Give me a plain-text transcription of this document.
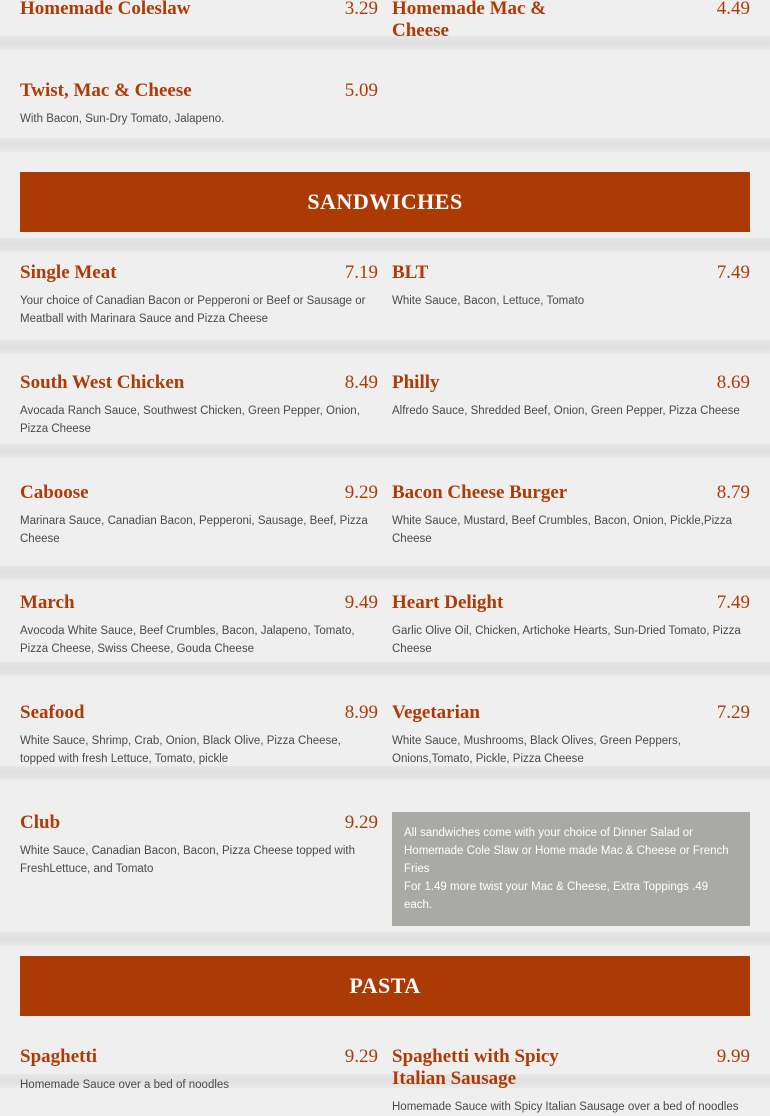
Homemade Coleslaw	3.29 Homemade Mac & Cheese
4.49
Twist, Mac & Cheese	5.09
With Bacon, Sun-Dry Tomato, Jalapeno.
SANDWICHES
Single Meat	7.19
Your choice of Canadian Bacon or Pepperoni or Beef or Sausage or Meatball with Marinara Sauce and Pizza Cheese
BLT	7.49
White Sauce, Bacon, Lettuce, Tomato
South West Chicken	8.49
Avocada Ranch Sauce, Southwest Chicken, Green Pepper, Onion, Pizza Cheese
Philly	8.69
Alfredo Sauce, Shredded Beef, Onion, Green Pepper, Pizza Cheese
Caboose	9.29
Marinara Sauce, Canadian Bacon, Pepperoni, Sausage, Beef, Pizza Cheese
Bacon Cheese Burger	8.79
White Sauce, Mustard, Beef Crumbles, Bacon, Onion, Pickle,Pizza Cheese
March	9.49
Avocoda White Sauce, Beef Crumbles, Bacon, Jalapeno, Tomato, Pizza Cheese, Swiss Cheese, Gouda Cheese
Heart Delight	7.49
Garlic Olive Oil, Chicken, Artichoke Hearts, Sun-Dried Tomato, Pizza Cheese
Seafood	8.99
White Sauce, Shrimp, Crab, Onion, Black Olive, Pizza Cheese, topped with fresh Lettuce, Tomato, pickle
Vegetarian	7.29
White Sauce, Mushrooms, Black Olives, Green Peppers, Onions,Tomato, Pickle, Pizza Cheese
Club	9.29
White Sauce, Canadian Bacon, Bacon, Pizza Cheese topped with FreshLettuce, and Tomato

All sandwiches come with your choice of Dinner Salad or Homemade Cole Slaw or Home made Mac & Cheese or French Fries

For 1.49 more twist your Mac & Cheese, Extra Toppings .49 each.

PASTA
Spaghetti	9.29
Homemade Sauce over a bed of noodles
Spaghetti with Spicy Italian Sausage
9.99
Homemade Sauce with Spicy Italian Sausage over a bed of noodles
